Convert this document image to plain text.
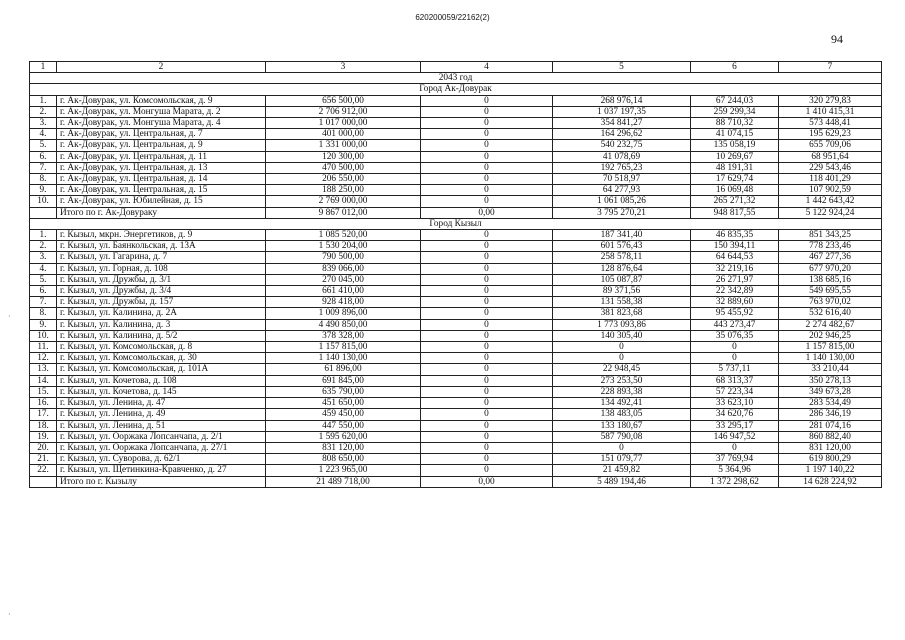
620200059/22162(2)
94
·
·
1	2	3	4	5	6	7
2043 год						
Город Ак-Довурак						
1.	г. Ак-Довурак, ул. Комсомольская, д. 9	656 500,00	0	268 976,14	67 244,03	320 279,83
2.	г. Ак-Довурак, ул. Монгуша Марата, д. 2	2 706 912,00	0	1 037 197,35	259 299,34	1 410 415,31
3.	г. Ак-Довурак, ул. Монгуша Марата, д. 4	1 017 000,00	0	354 841,27	88 710,32	573 448,41
4.	г. Ак-Довурак, ул. Центральная, д. 7	401 000,00	0	164 296,62	41 074,15	195 629,23
5.	г. Ак-Довурак, ул. Центральная, д. 9	1 331 000,00	0	540 232,75	135 058,19	655 709,06
6.	г. Ак-Довурак, ул. Центральная, д. 11	120 300,00	0	41 078,69	10 269,67	68 951,64
7.	г. Ак-Довурак, ул. Центральная, д. 13	470 500,00	0	192 765,23	48 191,31	229 543,46
8.	г. Ак-Довурак, ул. Центральная, д. 14	206 550,00	0	70 518,97	17 629,74	118 401,29
9.	г. Ак-Довурак, ул. Центральная, д. 15	188 250,00	0	64 277,93	16 069,48	107 902,59
10.	г. Ак-Довурак, ул. Юбилейная, д. 15	2 769 000,00	0	1 061 085,26	265 271,32	1 442 643,42
	Итого по г. Ак-Довураку	9 867 012,00	0,00	3 795 270,21	948 817,55	5 122 924,24
Город Кызыл						
1.	г. Кызыл, мкрн. Энергетиков, д. 9	1 085 520,00	0	187 341,40	46 835,35	851 343,25
2.	г. Кызыл, ул. Баянкольская, д. 13А	1 530 204,00	0	601 576,43	150 394,11	778 233,46
3.	г. Кызыл, ул. Гагарина, д. 7	790 500,00	0	258 578,11	64 644,53	467 277,36
4.	г. Кызыл, ул. Горная, д. 108	839 066,00	0	128 876,64	32 219,16	677 970,20
5.	г. Кызыл, ул. Дружбы, д. 3/1	270 045,00	0	105 087,87	26 271,97	138 685,16
6.	г. Кызыл, ул. Дружбы, д. 3/4	661 410,00	0	89 371,56	22 342,89	549 695,55
7.	г. Кызыл, ул. Дружбы, д. 157	928 418,00	0	131 558,38	32 889,60	763 970,02
8.	г. Кызыл, ул. Калинина, д. 2А	1 009 896,00	0	381 823,68	95 455,92	532 616,40
9.	г. Кызыл, ул. Калинина, д. 3	4 490 850,00	0	1 773 093,86	443 273,47	2 274 482,67
10.	г. Кызыл, ул. Калинина, д. 5/2	378 328,00	0	140 305,40	35 076,35	202 946,25
11.	г. Кызыл, ул. Комсомольская, д. 8	1 157 815,00	0	0	0	1 157 815,00
12.	г. Кызыл, ул. Комсомольская, д. 30	1 140 130,00	0	0	0	1 140 130,00
13.	г. Кызыл, ул. Комсомольская, д. 101А	61 896,00	0	22 948,45	5 737,11	33 210,44
14.	г. Кызыл, ул. Кочетова, д. 108	691 845,00	0	273 253,50	68 313,37	350 278,13
15.	г. Кызыл, ул. Кочетова, д. 145	635 790,00	0	228 893,38	57 223,34	349 673,28
16.	г. Кызыл, ул. Ленина, д. 47	451 650,00	0	134 492,41	33 623,10	283 534,49
17.	г. Кызыл, ул. Ленина, д. 49	459 450,00	0	138 483,05	34 620,76	286 346,19
18.	г. Кызыл, ул. Ленина, д. 51	447 550,00	0	133 180,67	33 295,17	281 074,16
19.	г. Кызыл, ул. Ооржака Лопсанчапа, д. 2/1	1 595 620,00	0	587 790,08	146 947,52	860 882,40
20.	г. Кызыл, ул. Ооржака Лопсанчапа, д. 27/1	831 120,00	0	0	0	831 120,00
21.	г. Кызыл, ул. Суворова, д. 62/1	808 650,00	0	151 079,77	37 769,94	619 800,29
22.	г. Кызыл, ул. Щетинкина-Кравченко, д. 27	1 223 965,00	0	21 459,82	5 364,96	1 197 140,22
	Итого по г. Кызылу	21 489 718,00	0,00	5 489 194,46	1 372 298,62	14 628 224,92
